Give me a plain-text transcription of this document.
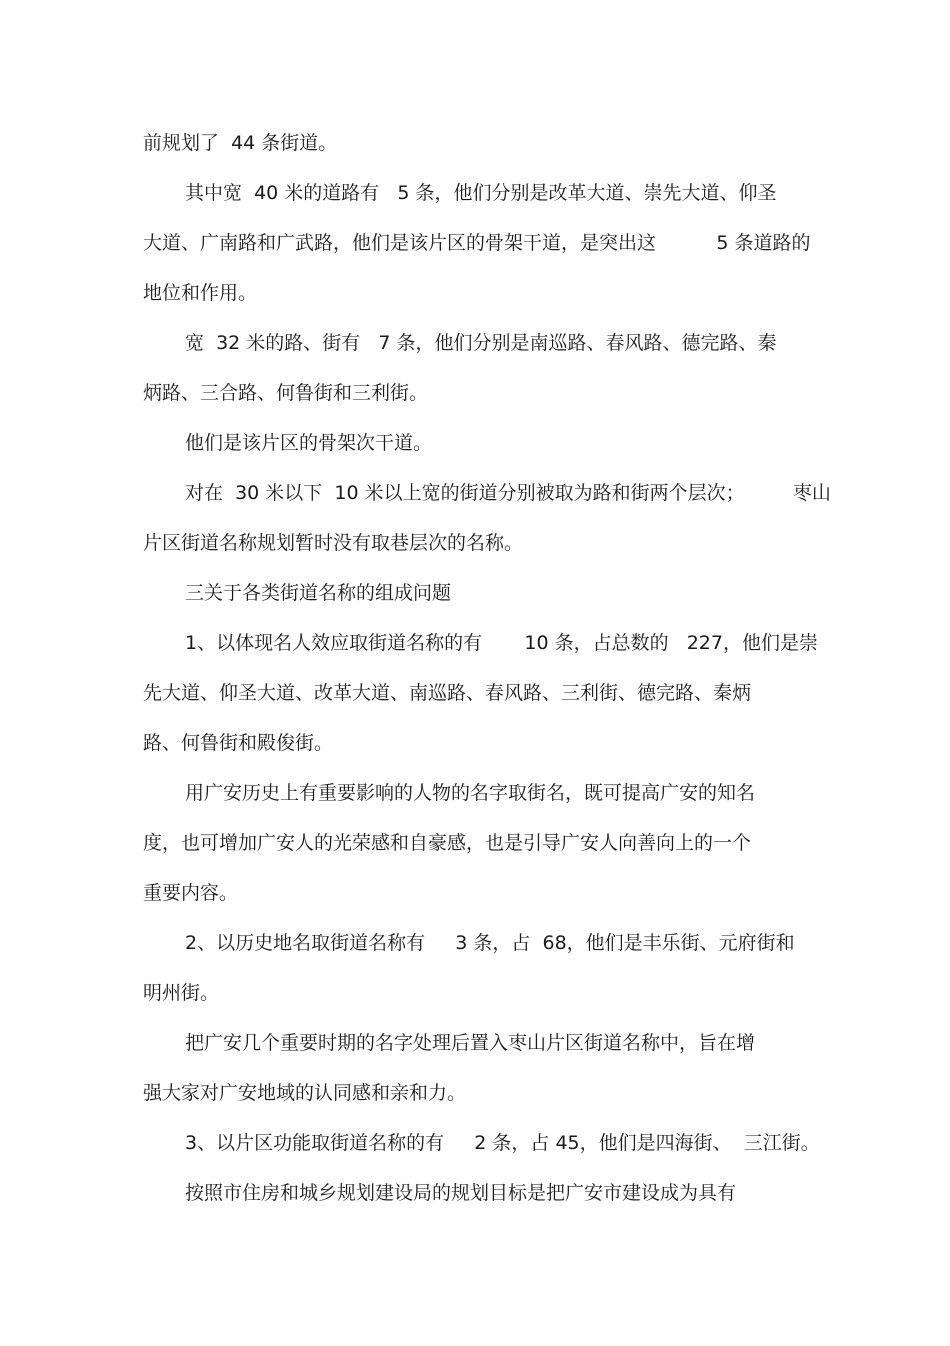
前规划了  44 条街道。
其中宽  40 米的道路有   5 条，他们分别是改革大道、崇先大道、仰圣
大道、广南路和广武路，他们是该片区的骨架干道，是突出这          5 条道路的
地位和作用。
宽  32 米的路、街有   7 条，他们分别是南巡路、春风路、德完路、秦
炳路、三合路、何鲁街和三利街。
他们是该片区的骨架次干道。
对在  30 米以下  10 米以上宽的街道分别被取为路和街两个层次；        枣山
片区街道名称规划暂时没有取巷层次的名称。
三关于各类街道名称的组成问题
1、以体现名人效应取街道名称的有       10 条，占总数的   227，他们是崇
先大道、仰圣大道、改革大道、南巡路、春风路、三利街、德完路、秦炳
路、何鲁街和殿俊街。
用广安历史上有重要影响的人物的名字取街名，既可提高广安的知名
度，也可增加广安人的光荣感和自豪感，也是引导广安人向善向上的一个
重要内容。
2、以历史地名取街道名称有     3 条，占  68，他们是丰乐街、元府街和
明州街。
把广安几个重要时期的名字处理后置入枣山片区街道名称中，旨在增
强大家对广安地域的认同感和亲和力。
3、以片区功能取街道名称的有     2 条，占 45，他们是四海街、  三江街。
按照市住房和城乡规划建设局的规划目标是把广安市建设成为具有
